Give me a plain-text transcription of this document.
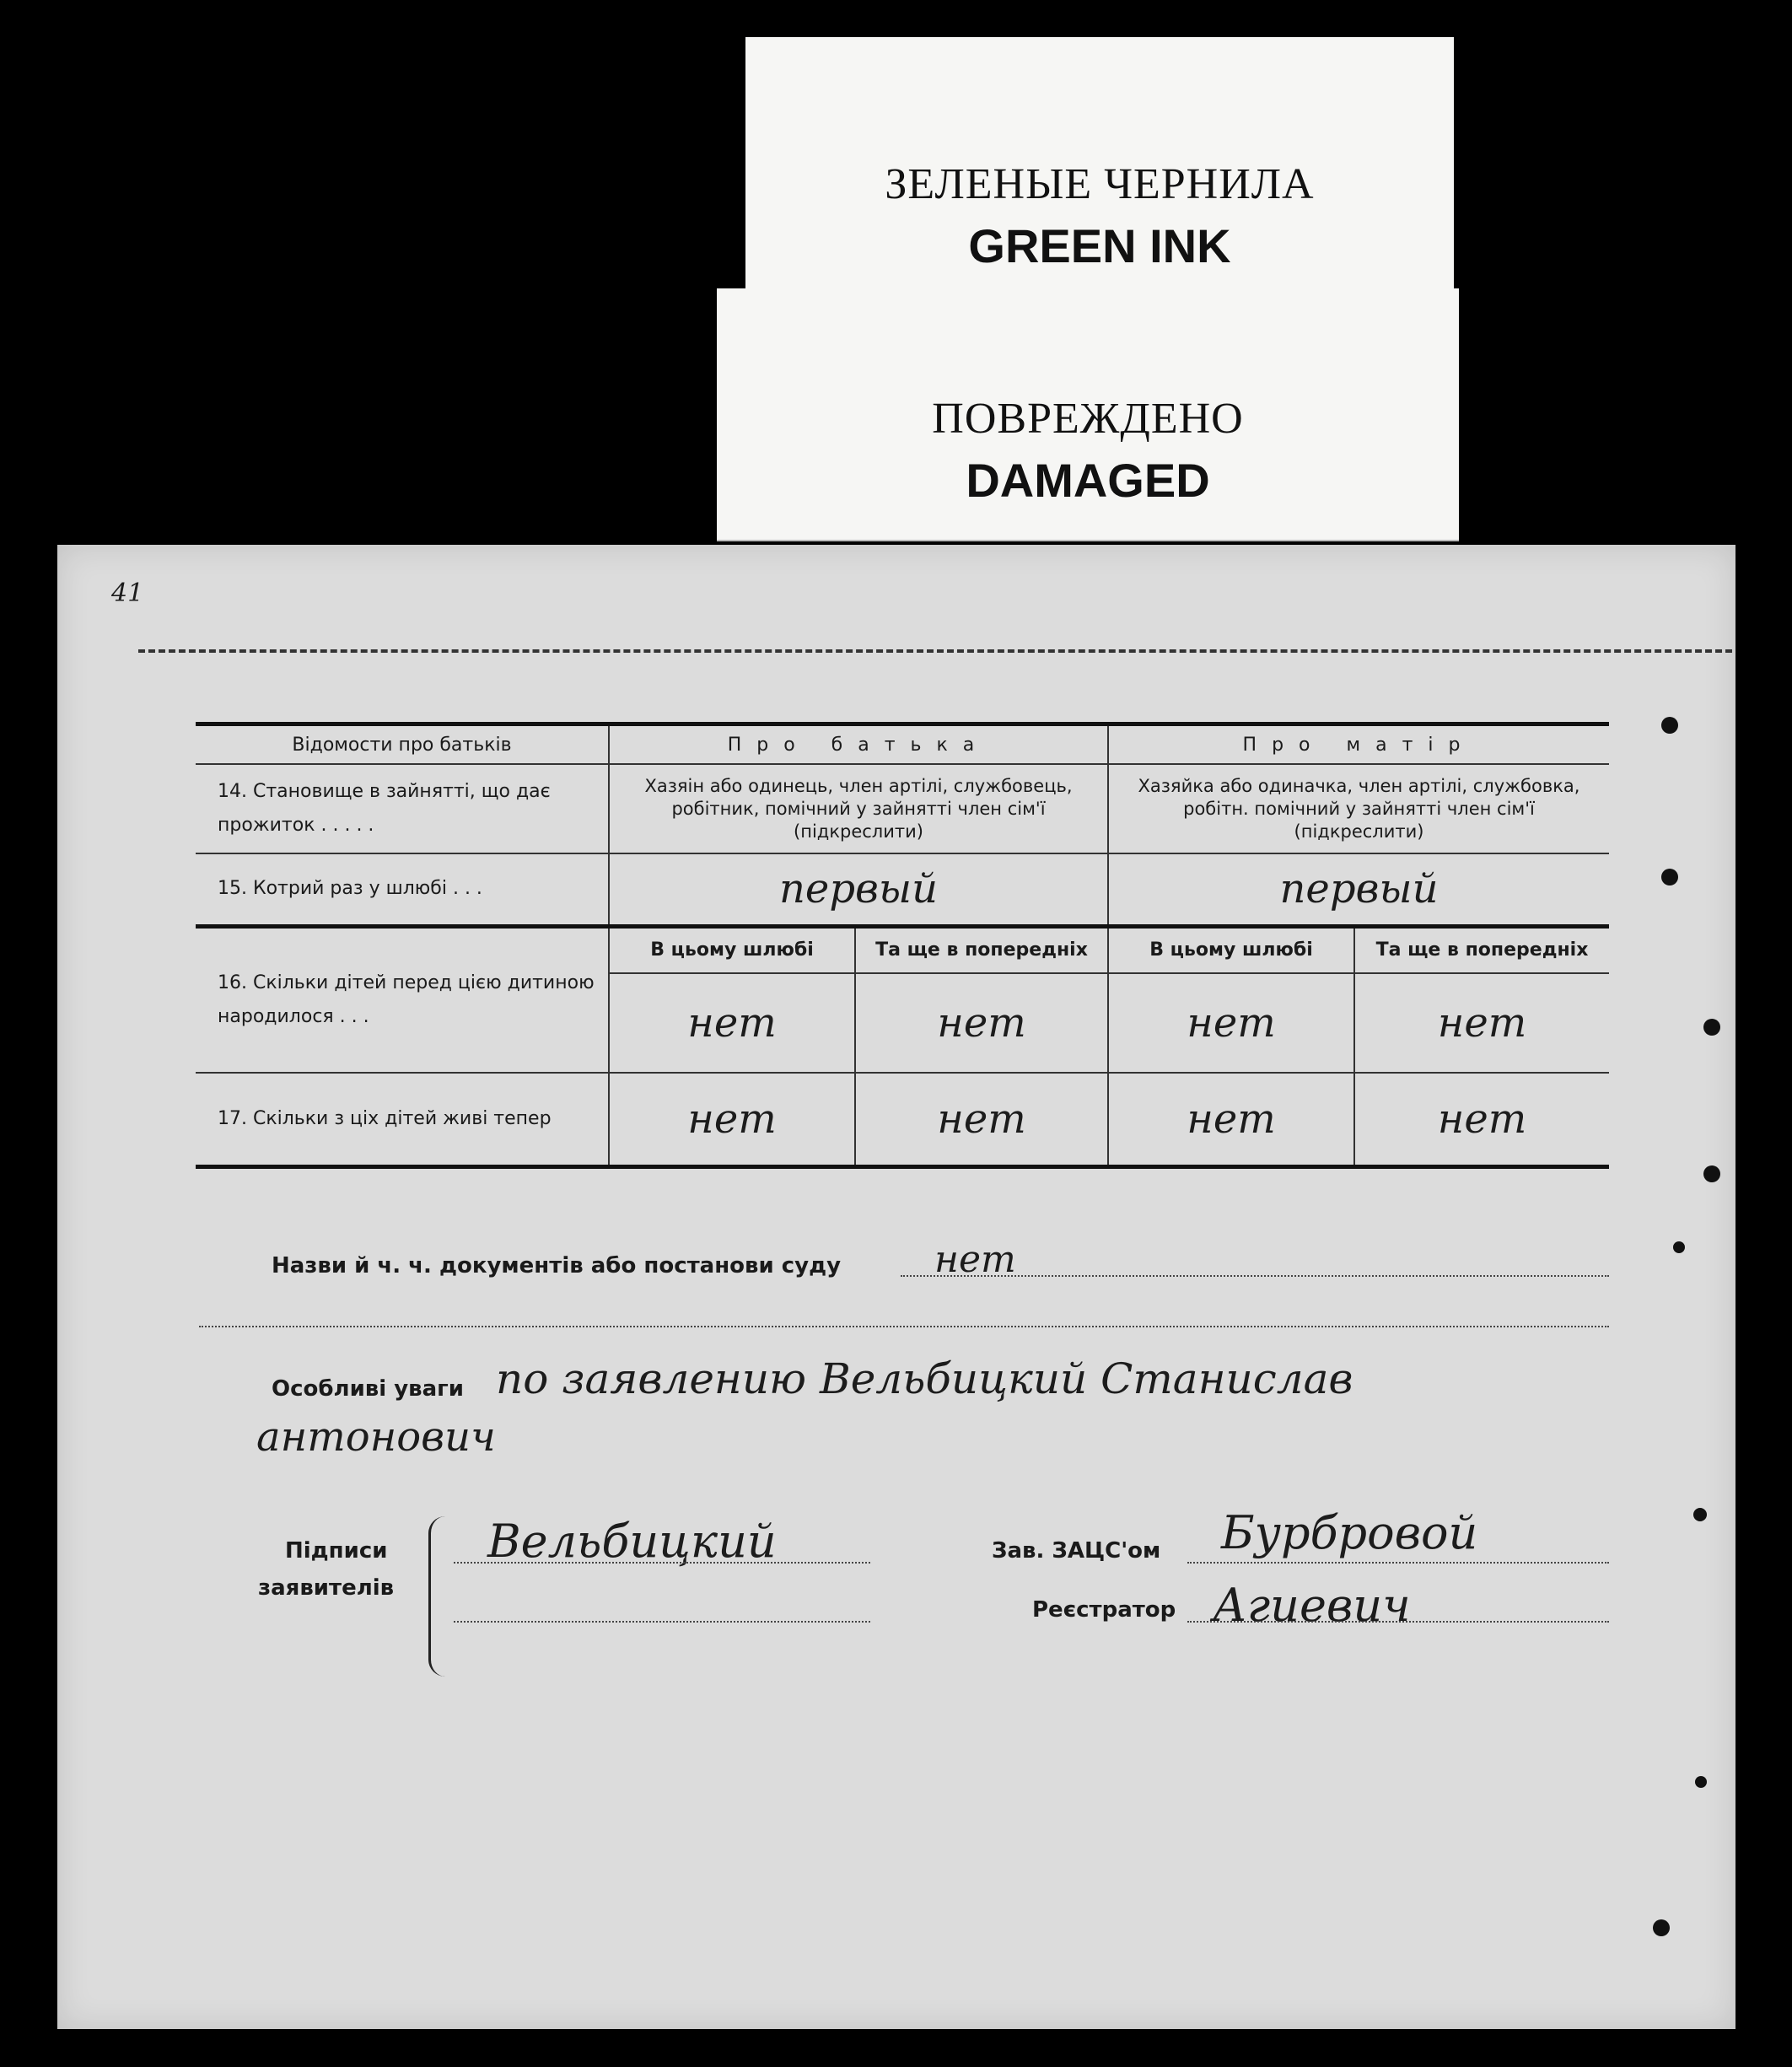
ЗЕЛЕНЫЕ ЧЕРНИЛА
GREEN INK
ПОВРЕЖДЕНО
DAMAGED
41
Відомости про батьків	Про батька		Про матір	
14. Становище в зайнятті, що дає прожиток . . . . .	Хазяін або одинець, член артілі, службовець, робітник, помічний у зайнятті член сім'ї (підкреслити)		Хазяйка або одиначка, член артілі, службовка, робітн. помічний у зайнятті член сім'ї (підкреслити)	
15. Котрий раз у шлюбі . . .	первый		первый	
16. Скільки дітей перед цією дитиною народилося . . .	В цьому шлюбі	Та ще в попередніх	В цьому шлюбі	Та ще в попередніх
	нет	нет	нет	нет
17. Скільки з ціх дітей живі тепер	нет	нет	нет	нет
Назви й ч. ч. документів або постанови суду	нет
Особливі уваги по заявлению Вельбицкий Станислав
антонович
Підписи
заявителів
Вельбицкий	Зав. ЗАЦС'ом Бурбровой
Реєстратор Агиевич
